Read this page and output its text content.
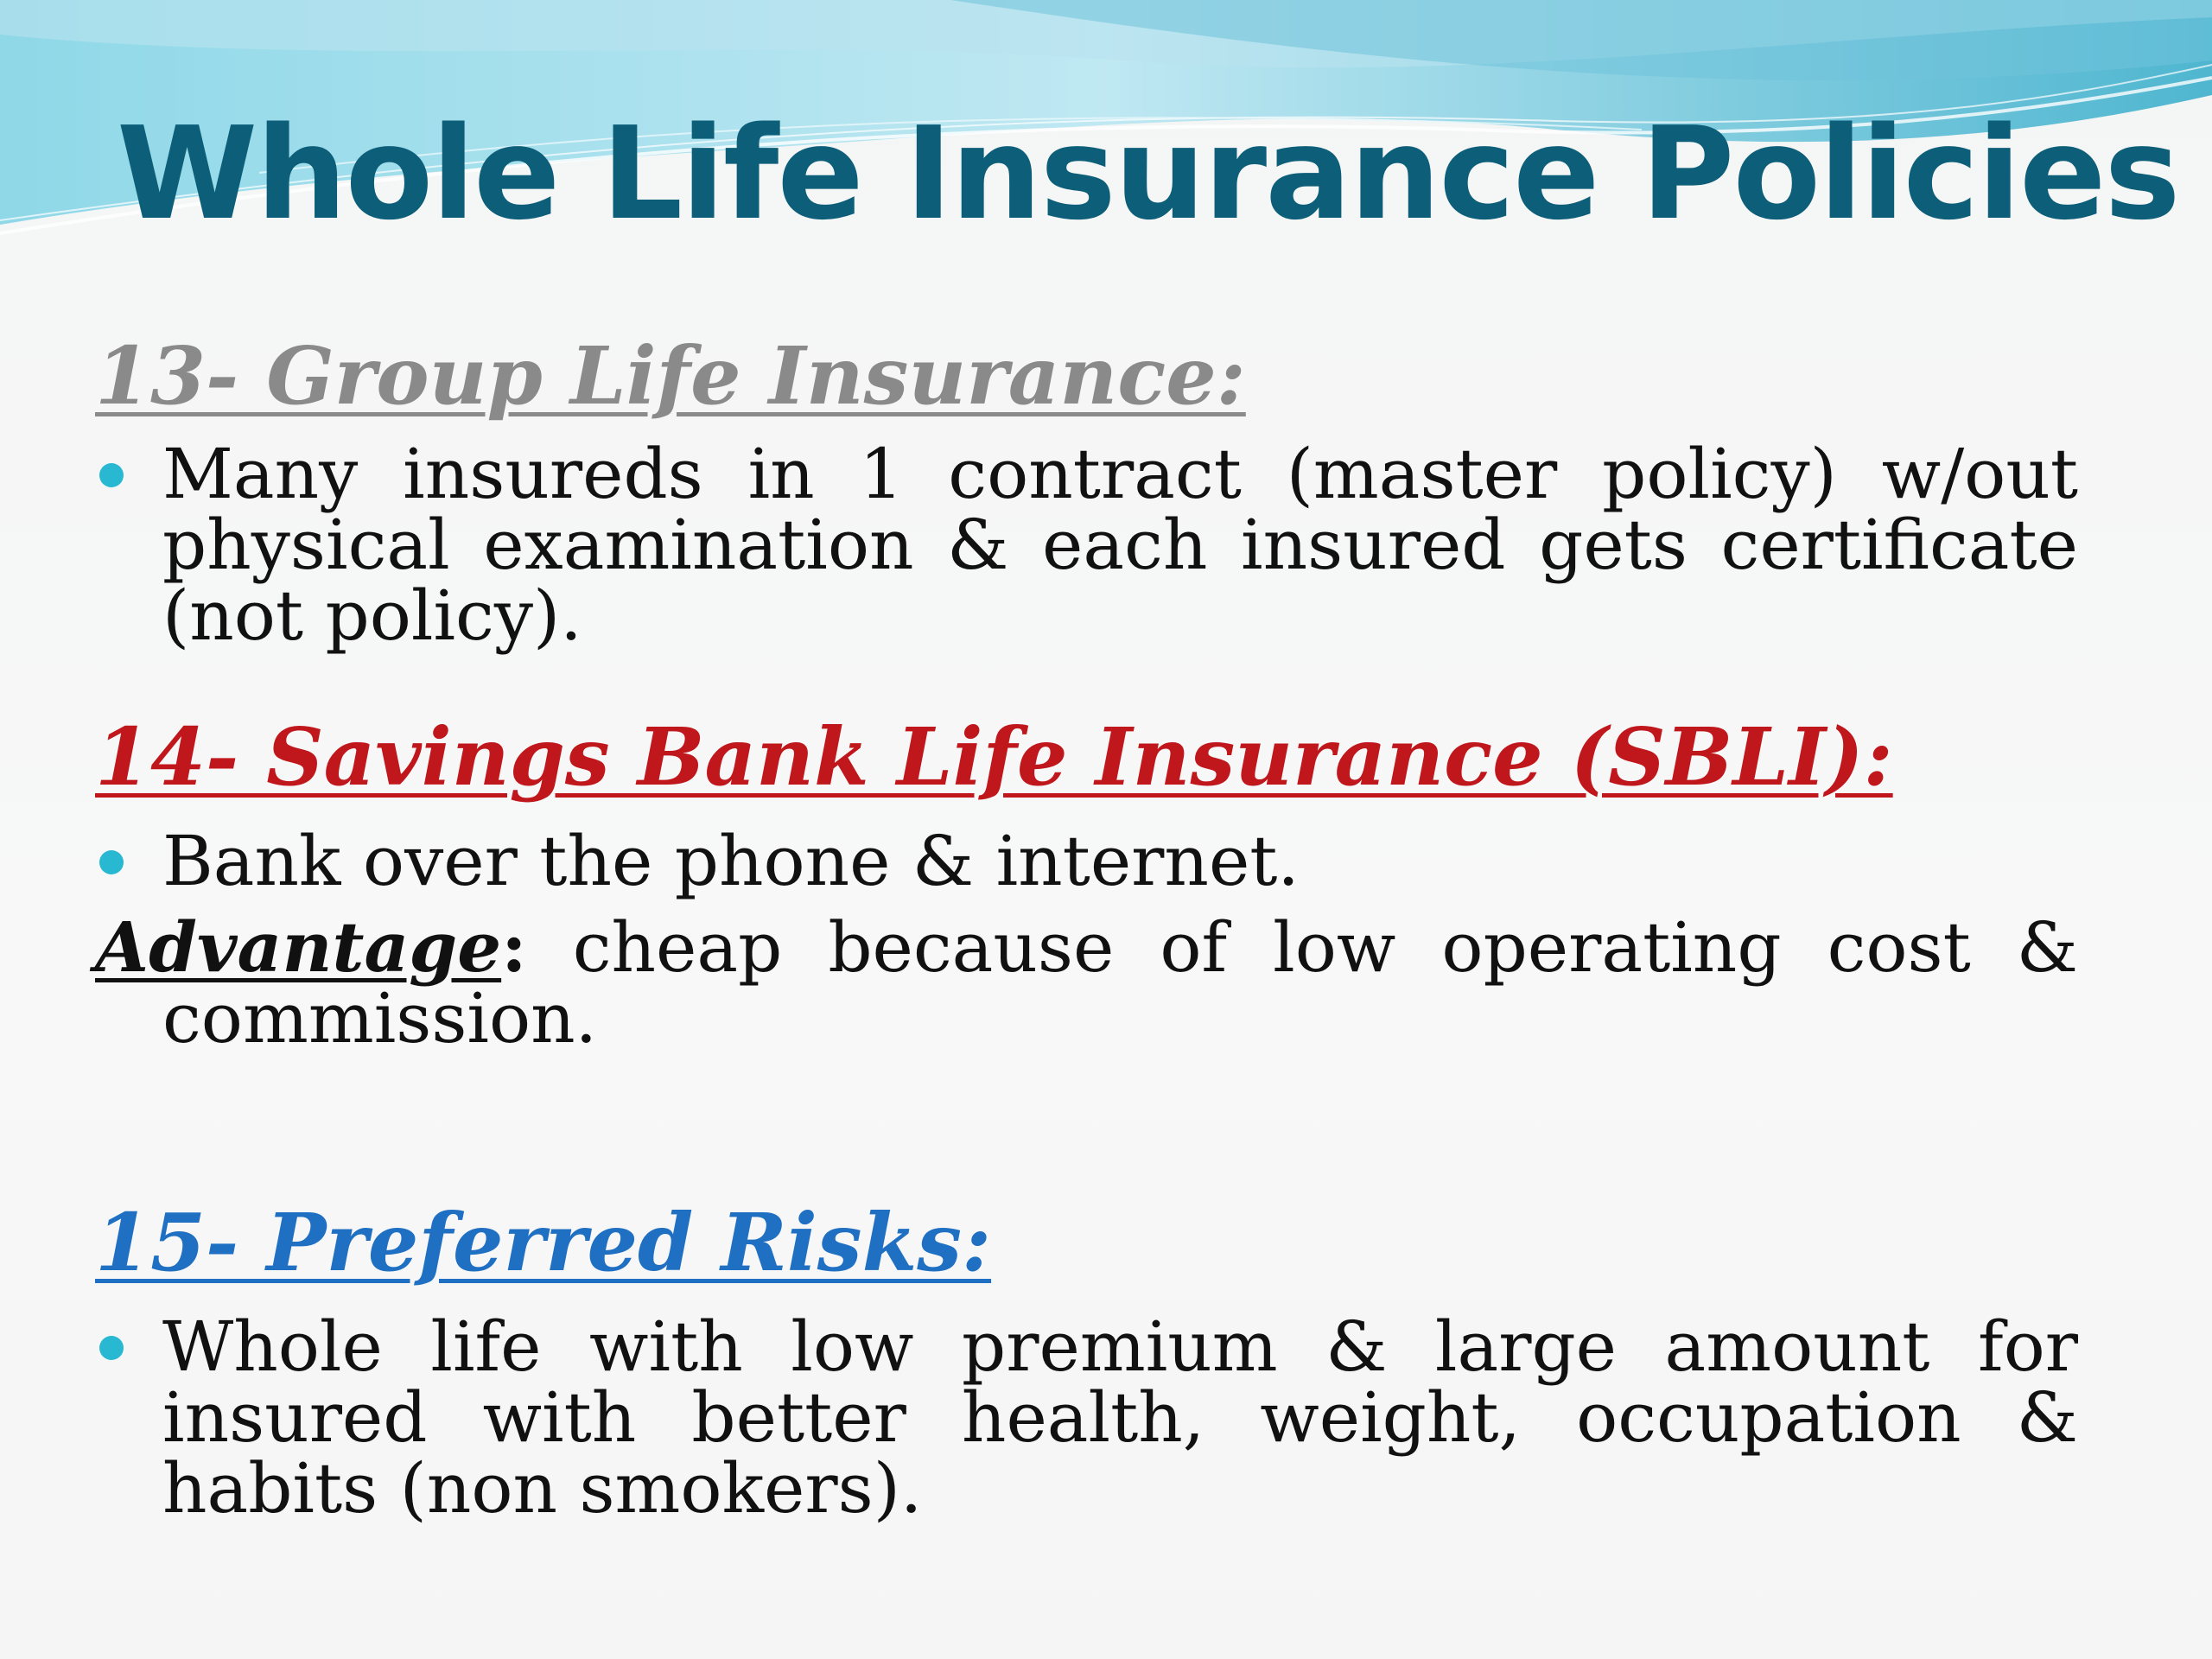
Whole Life Insurance Policies
13- Group Life Insurance:
Many insureds in 1 contract (master policy) w/out physical examination & each insured gets certificate (not policy).
14- Savings Bank Life Insurance (SBLI):
Bank over the phone & internet.
Advantage: cheap because of low operating cost &
commission.
15- Preferred Risks:
Whole life with low premium & large amount for insured with better health, weight, occupation & habits (non smokers).
